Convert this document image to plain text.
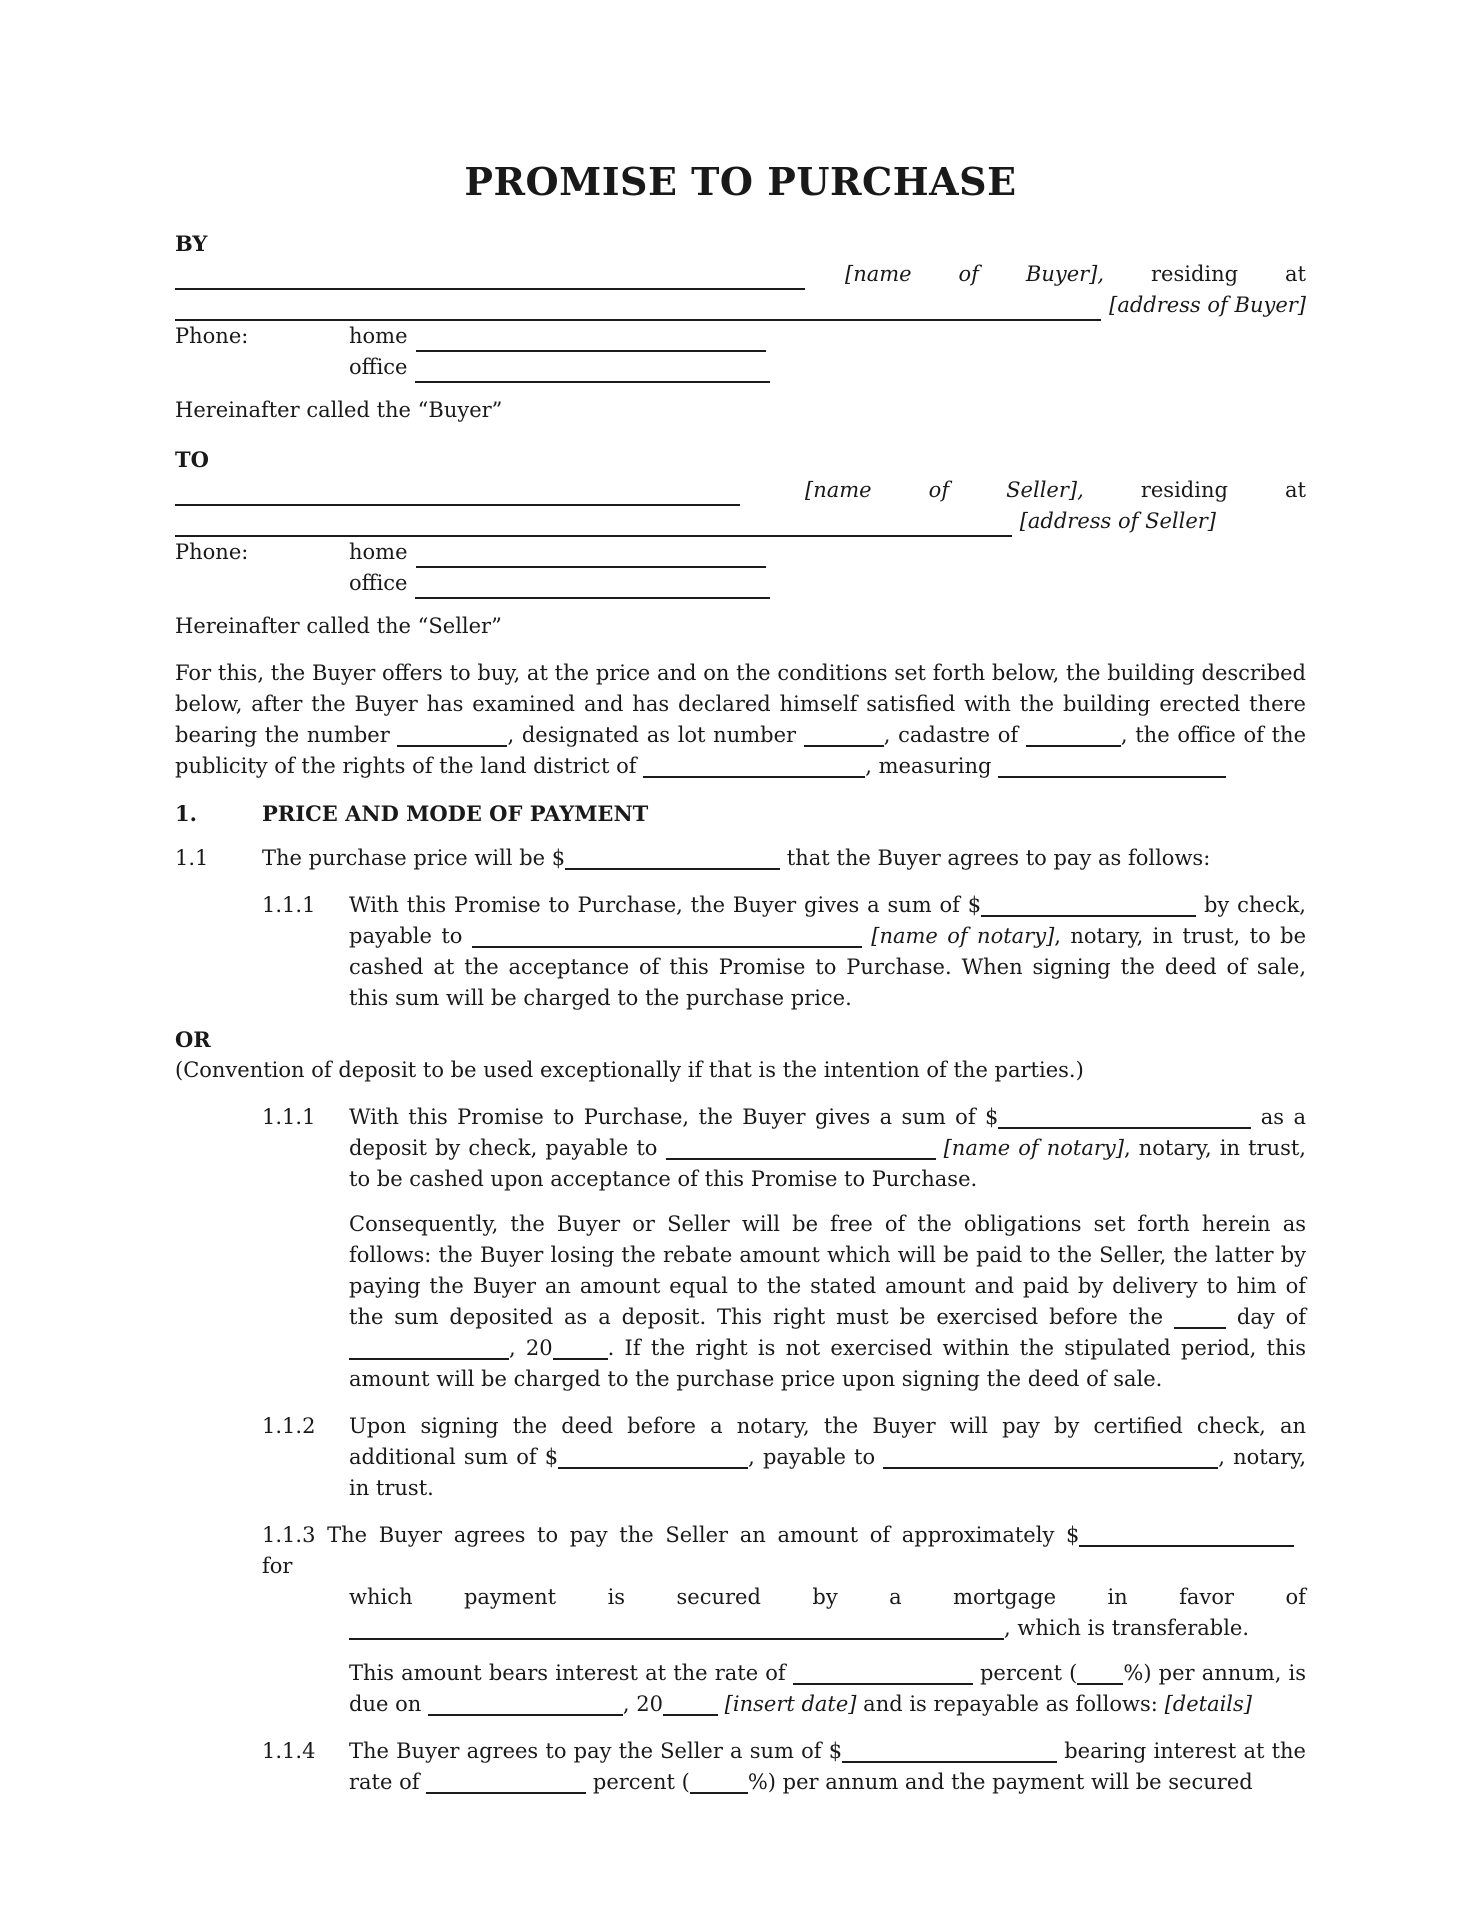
PROMISE TO PURCHASE
BY
[name of Buyer], residing at
[address of Buyer]
Phone:	home
office

Hereinafter called the “Buyer”

TO
[name	of	Seller],	residing	at
[address of Seller]
Phone:	home
office

Hereinafter called the “Seller”

For this, the Buyer offers to buy, at the price and on the conditions set forth below, the building described below, after the Buyer has examined and has declared himself satisfied with the building erected there bearing the number	, designated as lot number	, cadastre of	, the office of the publicity of the rights of the land district of	, measuring

1.	PRICE AND MODE OF PAYMENT
1.1	The purchase price will be $	that the Buyer agrees to pay as follows:
1.1.1	With this Promise to Purchase, the Buyer gives a sum of $	by check, payable to	[name of notary], notary, in trust, to be cashed at the acceptance of this Promise to Purchase. When signing the deed of sale, this sum will be charged to the purchase price.
OR
(Convention of deposit to be used exceptionally if that is the intention of the parties.)
1.1.1	With this Promise to Purchase, the Buyer gives a sum of $	as a deposit by check, payable to	[name of notary], notary, in trust, to be cashed upon acceptance of this Promise to Purchase.

Consequently, the Buyer or Seller will be free of the obligations set forth herein as follows: the Buyer losing the rebate amount which will be paid to the Seller, the latter by paying the Buyer an amount equal to the stated amount and paid by delivery to him of the sum deposited as a deposit. This right must be exercised before the  day of , 20	. If the right is not exercised within the stipulated period, this amount will be charged to the purchase price upon signing the deed of sale.

1.1.2	Upon signing the deed before a notary, the Buyer will pay by certified check, an additional sum of $	, payable to	, notary, in trust.
1.1.3 The Buyer agrees to pay the Seller an amount of approximately $ for
which payment is secured by a mortgage in favor of
, which is transferable.

This amount bears interest at the rate of	percent ( %) per annum, is due on	, 20	[insert date] and is repayable as follows: [details]

1.1.4	The Buyer agrees to pay the Seller a sum of $	bearing interest at the rate of	percent (	%) per annum and the payment will be secured
